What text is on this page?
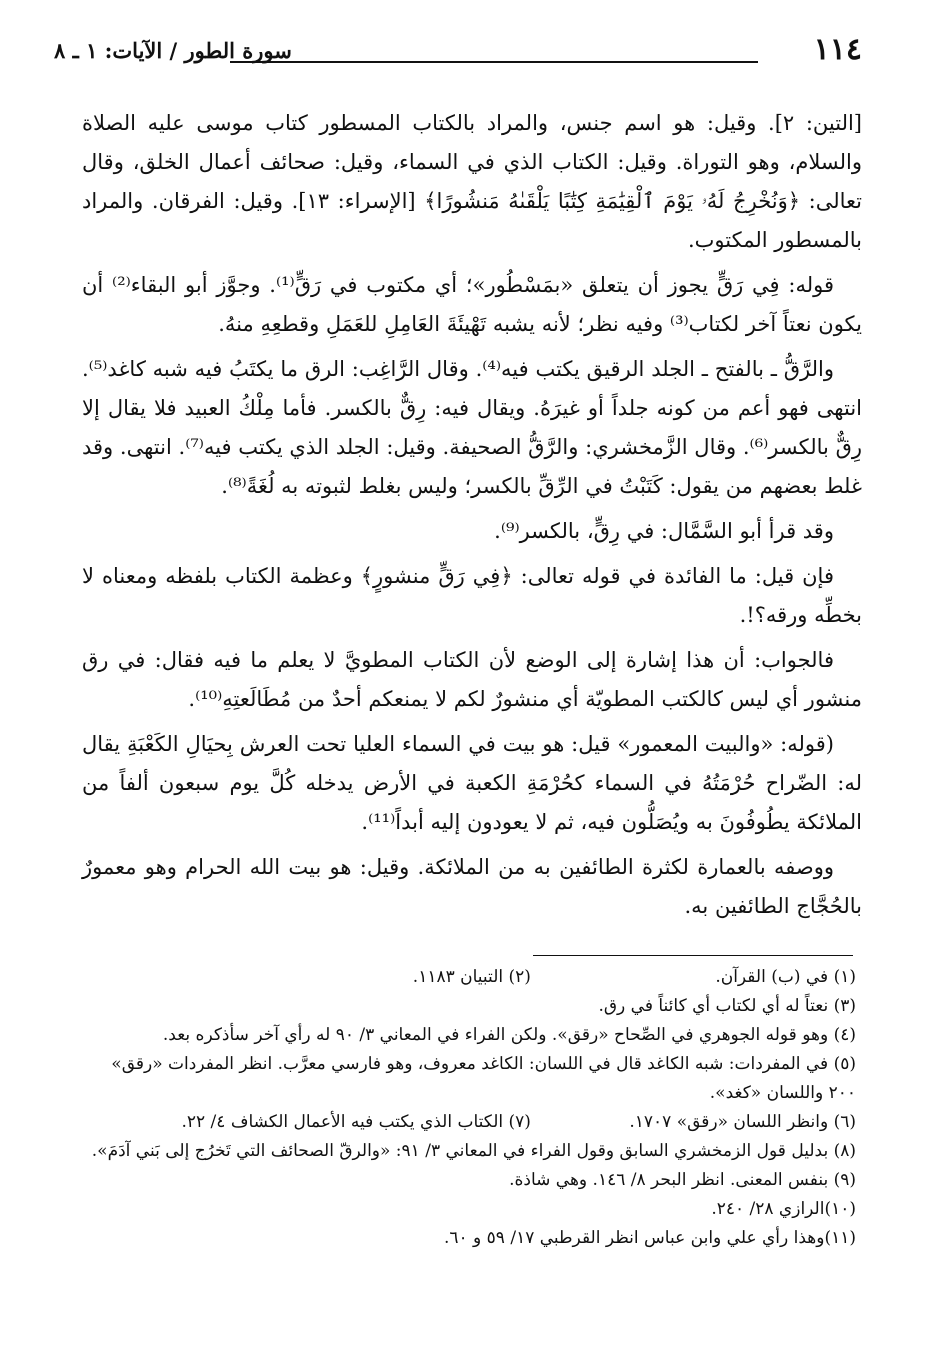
١١٤
سورة الطور / الآيات: ١ ـ ٨

[التين: ٢]. وقيل: هو اسم جنس، والمراد بالكتاب المسطور كتاب موسى عليه الصلاة والسلام، وهو التوراة. وقيل: الكتاب الذي في السماء، وقيل: صحائف أعمال الخلق، وقال تعالى: ﴿وَنُخْرِجُ لَهُۥ يَوْمَ ٱلْقِيَٰمَةِ كِتَٰبًا يَلْقَىٰهُ مَنشُورًا﴾ [الإسراء: ١٣]. وقيل: الفرقان. والمراد بالمسطور المكتوب.

قوله: فِي رَقٍّ يجوز أن يتعلق «بمَسْطُور»؛ أي مكتوب في رَقٍّ⁽¹⁾. وجوَّز أبو البقاء⁽²⁾ أن يكون نعتاً آخر لكتاب⁽³⁾ وفيه نظر؛ لأنه يشبه تَهْيئَةَ العَامِلِ للعَمَلِ وقطعِهِ منهُ.

والرَّقُّ ـ بالفتح ـ الجلد الرقيق يكتب فيه⁽⁴⁾. وقال الرَّاغِب: الرق ما يكتَبُ فيه شبه كاغد⁽⁵⁾. انتهى فهو أعم من كونه جلداً أو غيرَهُ. ويقال فيه: رِقٌّ بالكسر. فأما مِلْكُ العبيد فلا يقال إلا رِقٌّ بالكسر⁽⁶⁾. وقال الزَّمخشري: والرَّقُّ الصحيفة. وقيل: الجلد الذي يكتب فيه⁽⁷⁾. انتهى. وقد غلط بعضهم من يقول: كَتَبْتُ في الرِّقِّ بالكسر؛ وليس بغلط لثبوته به لُغَةً⁽⁸⁾.

وقد قرأ أبو السَّمَّال: في رِقٍّ، بالكسر⁽⁹⁾.

فإن قيل: ما الفائدة في قوله تعالى: ﴿فِي رَقٍّ منشورٍ﴾ وعظمة الكتاب بلفظه ومعناه لا بخطِّه ورقه؟!.

فالجواب: أن هذا إشارة إلى الوضع لأن الكتاب المطويَّ لا يعلم ما فيه فقال: في رق منشور أي ليس كالكتب المطويّة أي منشورٌ لكم لا يمنعكم أحدٌ من مُطَالَعتِهِ⁽¹⁰⁾.

(قوله: «والبيت المعمور» قيل: هو بيت في السماء العليا تحت العرش بِحيَالِ الكَعْبَةِ يقال له: الضّراح حُرْمَتُهُ في السماء كحُرْمَةِ الكعبة في الأرض يدخله كُلَّ يوم سبعون ألفاً من الملائكة يطُوفُونَ به ويُصَلُّون فيه، ثم لا يعودون إليه أبداً⁽¹¹⁾.

ووصفه بالعمارة لكثرة الطائفين به من الملائكة. وقيل: هو بيت الله الحرام وهو معمورٌ بالحُجَّاج الطائفين به.

(١) في (ب) القرآن.

(٢) التبيان ١١٨٣.

(٣) نعتاً له أي لكتاب أي كائناً في رق.

(٤) وهو قوله الجوهري في الصِّحاح «رقق». ولكن الفراء في المعاني ٣/ ٩٠ له رأي آخر سأذكره بعد.

(٥) في المفردات: شبه الكاغد قال في اللسان: الكاغد معروف، وهو فارسي معرَّب. انظر المفردات «رقق» ٢٠٠ واللسان «كغد».

(٦) وانظر اللسان «رقق» ١٧٠٧.

(٧) الكتاب الذي يكتب فيه الأعمال الكشاف ٤/ ٢٢.

(٨) بدليل قول الزمخشري السابق وقول الفراء في المعاني ٣/ ٩١: «والرقّ الصحائف التي تَخرُج إلى بَني آدَمَ».

(٩) بنفس المعنى. انظر البحر ٨/ ١٤٦. وهي شاذة.

(١٠)الرازي ٢٨/ ٢٤٠.

(١١)وهذا رأي علي وابن عباس انظر القرطبي ١٧/ ٥٩ و ٦٠.
